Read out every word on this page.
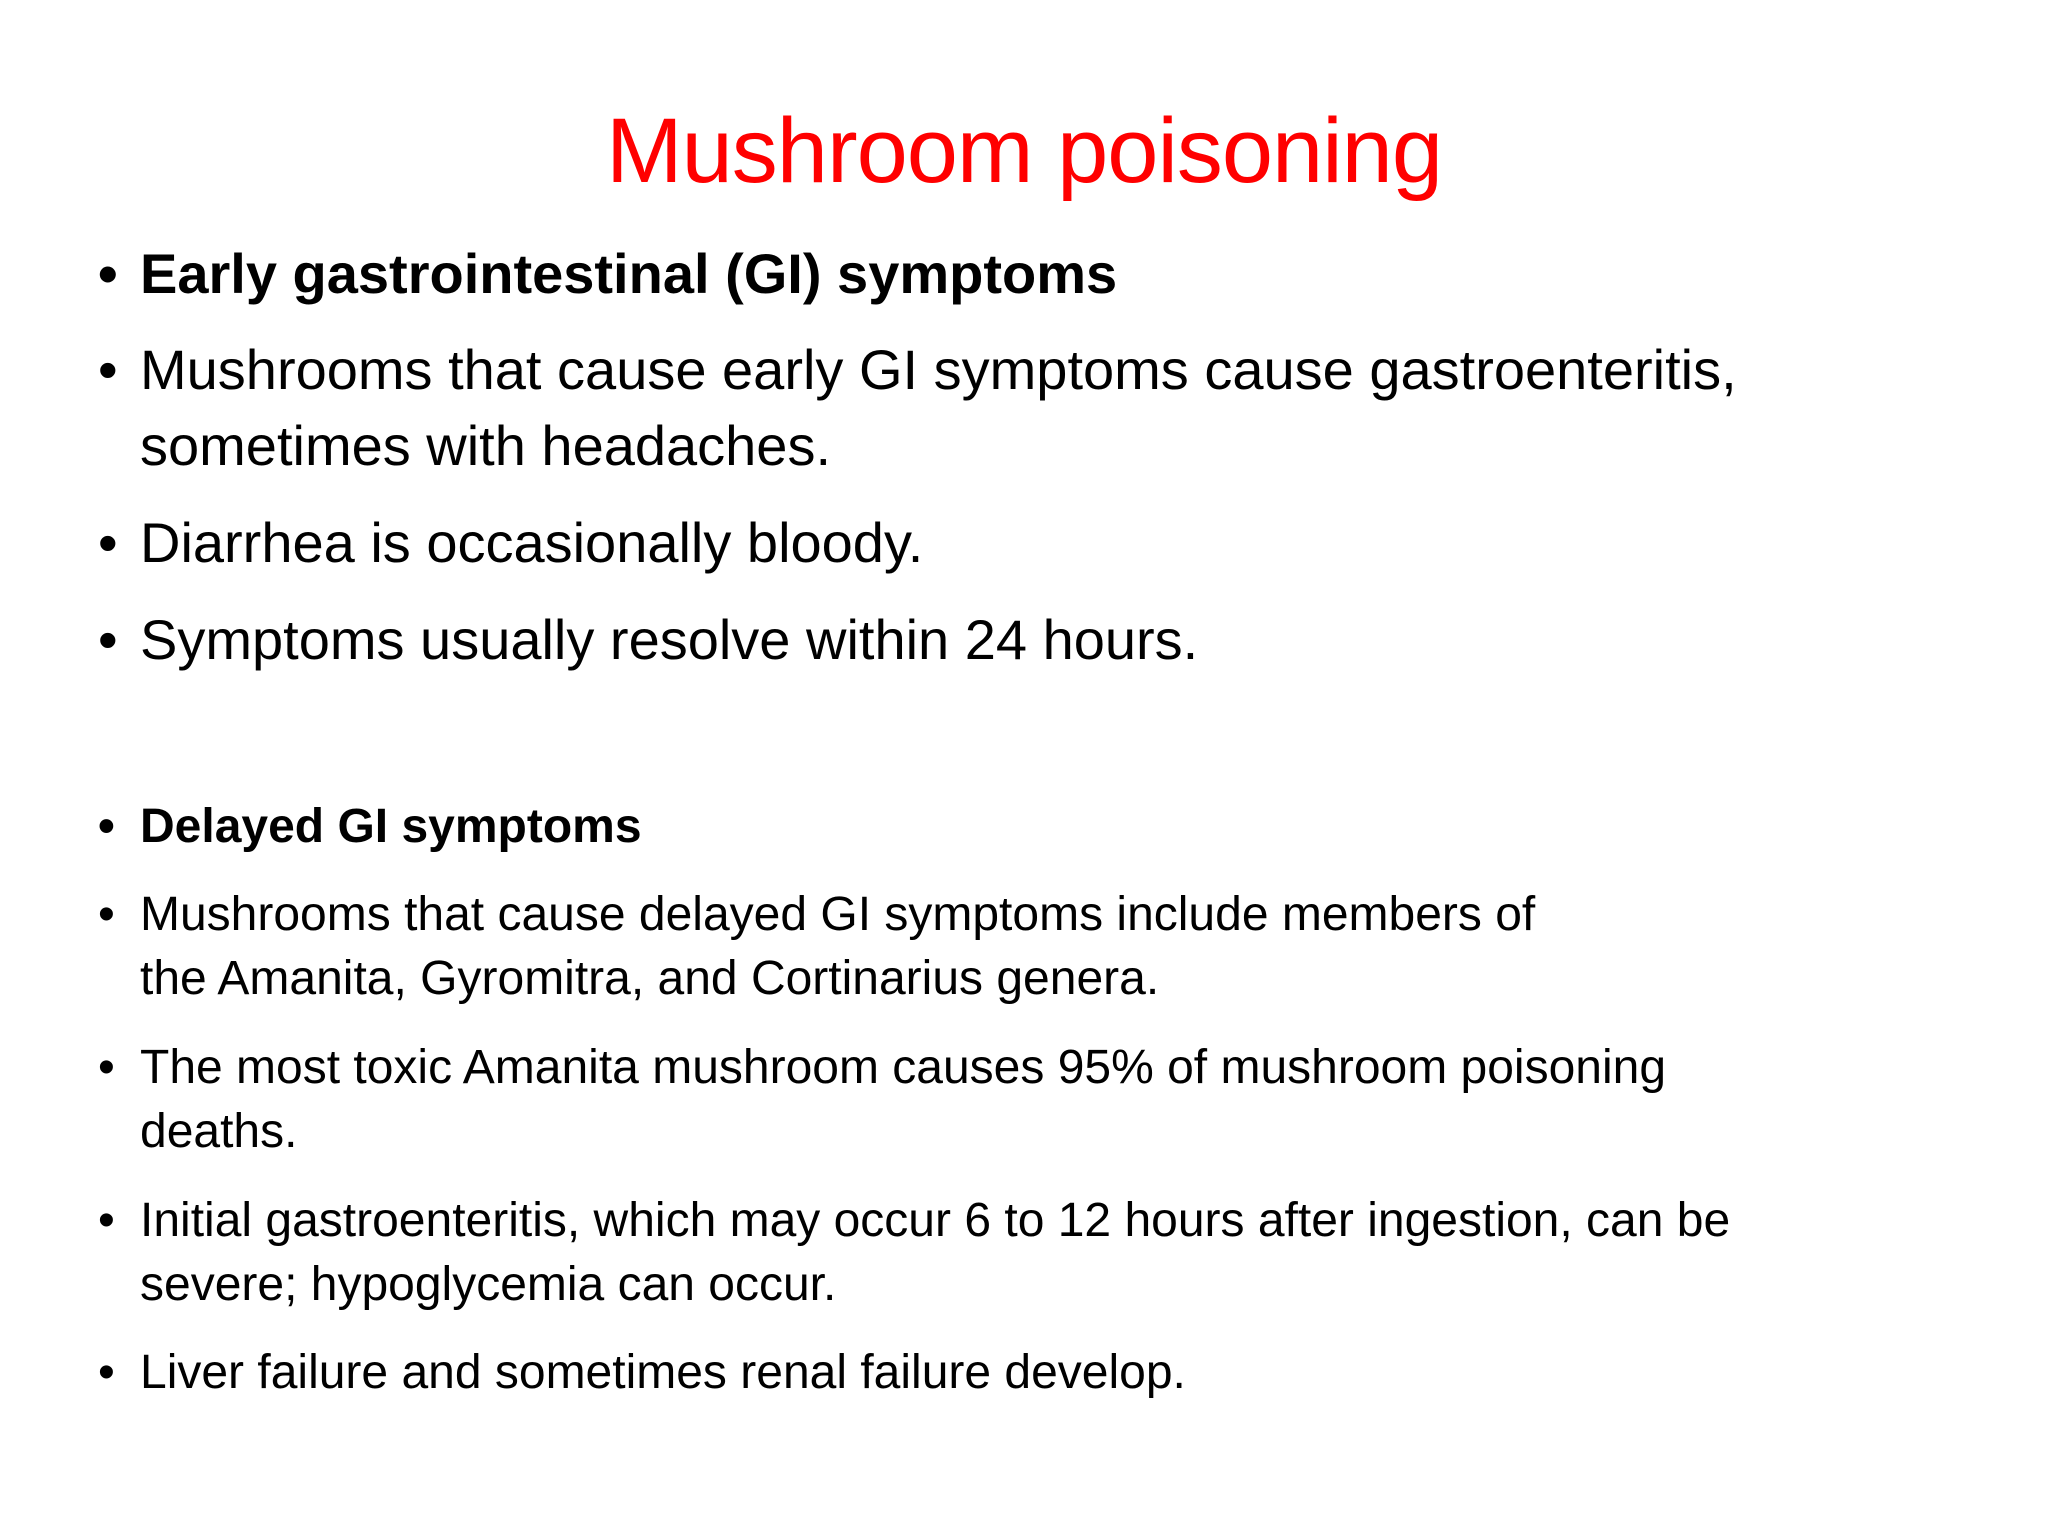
Mushroom poisoning
• Early gastrointestinal (GI) symptoms
• Mushrooms that cause early GI symptoms cause gastroenteritis,
sometimes with headaches.
• Diarrhea is occasionally bloody.
• Symptoms usually resolve within 24 hours.
• Delayed GI symptoms
• Mushrooms that cause delayed GI symptoms include members of
the Amanita, Gyromitra, and Cortinarius genera.
• The most toxic Amanita mushroom causes 95% of mushroom poisoning
deaths.
• Initial gastroenteritis, which may occur 6 to 12 hours after ingestion, can be
severe; hypoglycemia can occur.
• Liver failure and sometimes renal failure develop.
